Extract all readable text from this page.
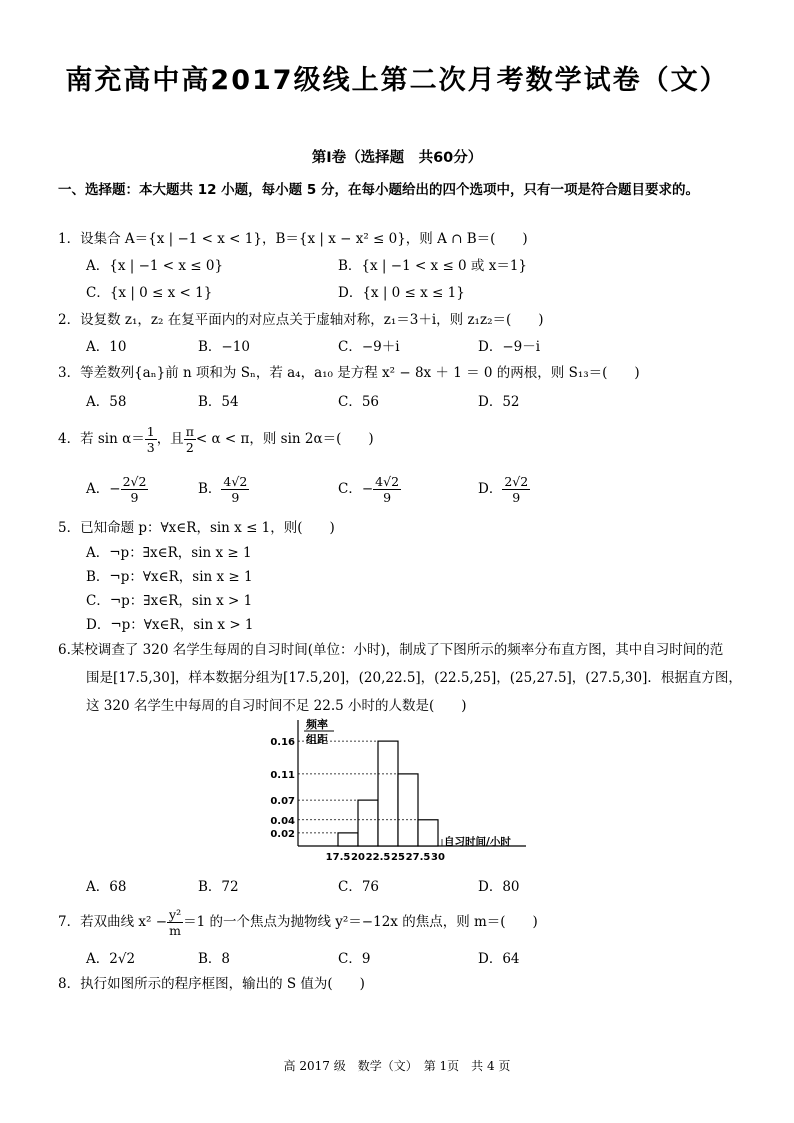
南充高中高2017级线上第二次月考数学试卷（文）
第Ⅰ卷（选择题　共60分）
一、选择题：本大题共 12 小题，每小题 5 分，在每小题给出的四个选项中，只有一项是符合题目要求的。
1．设集合 A＝{x | −1 < x < 1}，B＝{x | x − x² ≤ 0}，则 A ∩ B＝(　　)
A．{x | −1 < x ≤ 0}	B．{x | −1 < x ≤ 0 或 x＝1}
C．{x | 0 ≤ x < 1}	D．{x | 0 ≤ x ≤ 1}
2．设复数 z₁，z₂ 在复平面内的对应点关于虚轴对称，z₁＝3＋i，则 z₁z₂＝(　　)
A．10	B．−10	C．−9＋i	D．−9－i
3．等差数列{aₙ}前 n 项和为 Sₙ，若 a₄，a₁₀ 是方程 x² − 8x ＋ 1 ＝ 0 的两根，则 S₁₃＝(　　)
A．58	B．54	C．56	D．52
4．若 $\sin \alpha= \frac{1}{3}$ ，且 $\frac{\pi}{2} < \alpha < \pi$，则 sin 2α＝(　　)
A．− $\frac{2√2}{9}$	B． $\frac{4√2}{9}$	C．− $\frac{4√2}{9}$	D． $\frac{2√2}{9}$
5．已知命题 p：∀x∈R，sin x ≤ 1，则(　　)
A．¬p：∃x∈R，sin x ≥ 1
B．¬p：∀x∈R，sin x ≥ 1
C．¬p：∃x∈R，sin x > 1
D．¬p：∀x∈R，sin x > 1
6.某校调查了 320 名学生每周的自习时间(单位：小时)，制成了下图所示的频率分布直方图，其中自习时间的范
围是[17.5,30]，样本数据分组为[17.5,20]，(20,22.5]，(22.5,25]，(25,27.5]，(27.5,30]．根据直方图，
这 320 名学生中每周的自习时间不足 22.5 小时的人数是(　　)
频率
组距
0.02
0.07
0.16
0.11
0.04
17.5 20 22.5 25 27.5 30
自习时间/小时
A．68	B．72	C．76	D．80
7．若双曲线 $x^2 - \frac{\text{y²}}{m} =1$ 的一个焦点为抛物线 y²＝−12x 的焦点，则 m＝(　　)
A．2√2	B．8	C．9	D．64
8．执行如图所示的程序框图，输出的 S 值为(　　)
高 2017 级　数学（文）　第 1页　共 4 页
